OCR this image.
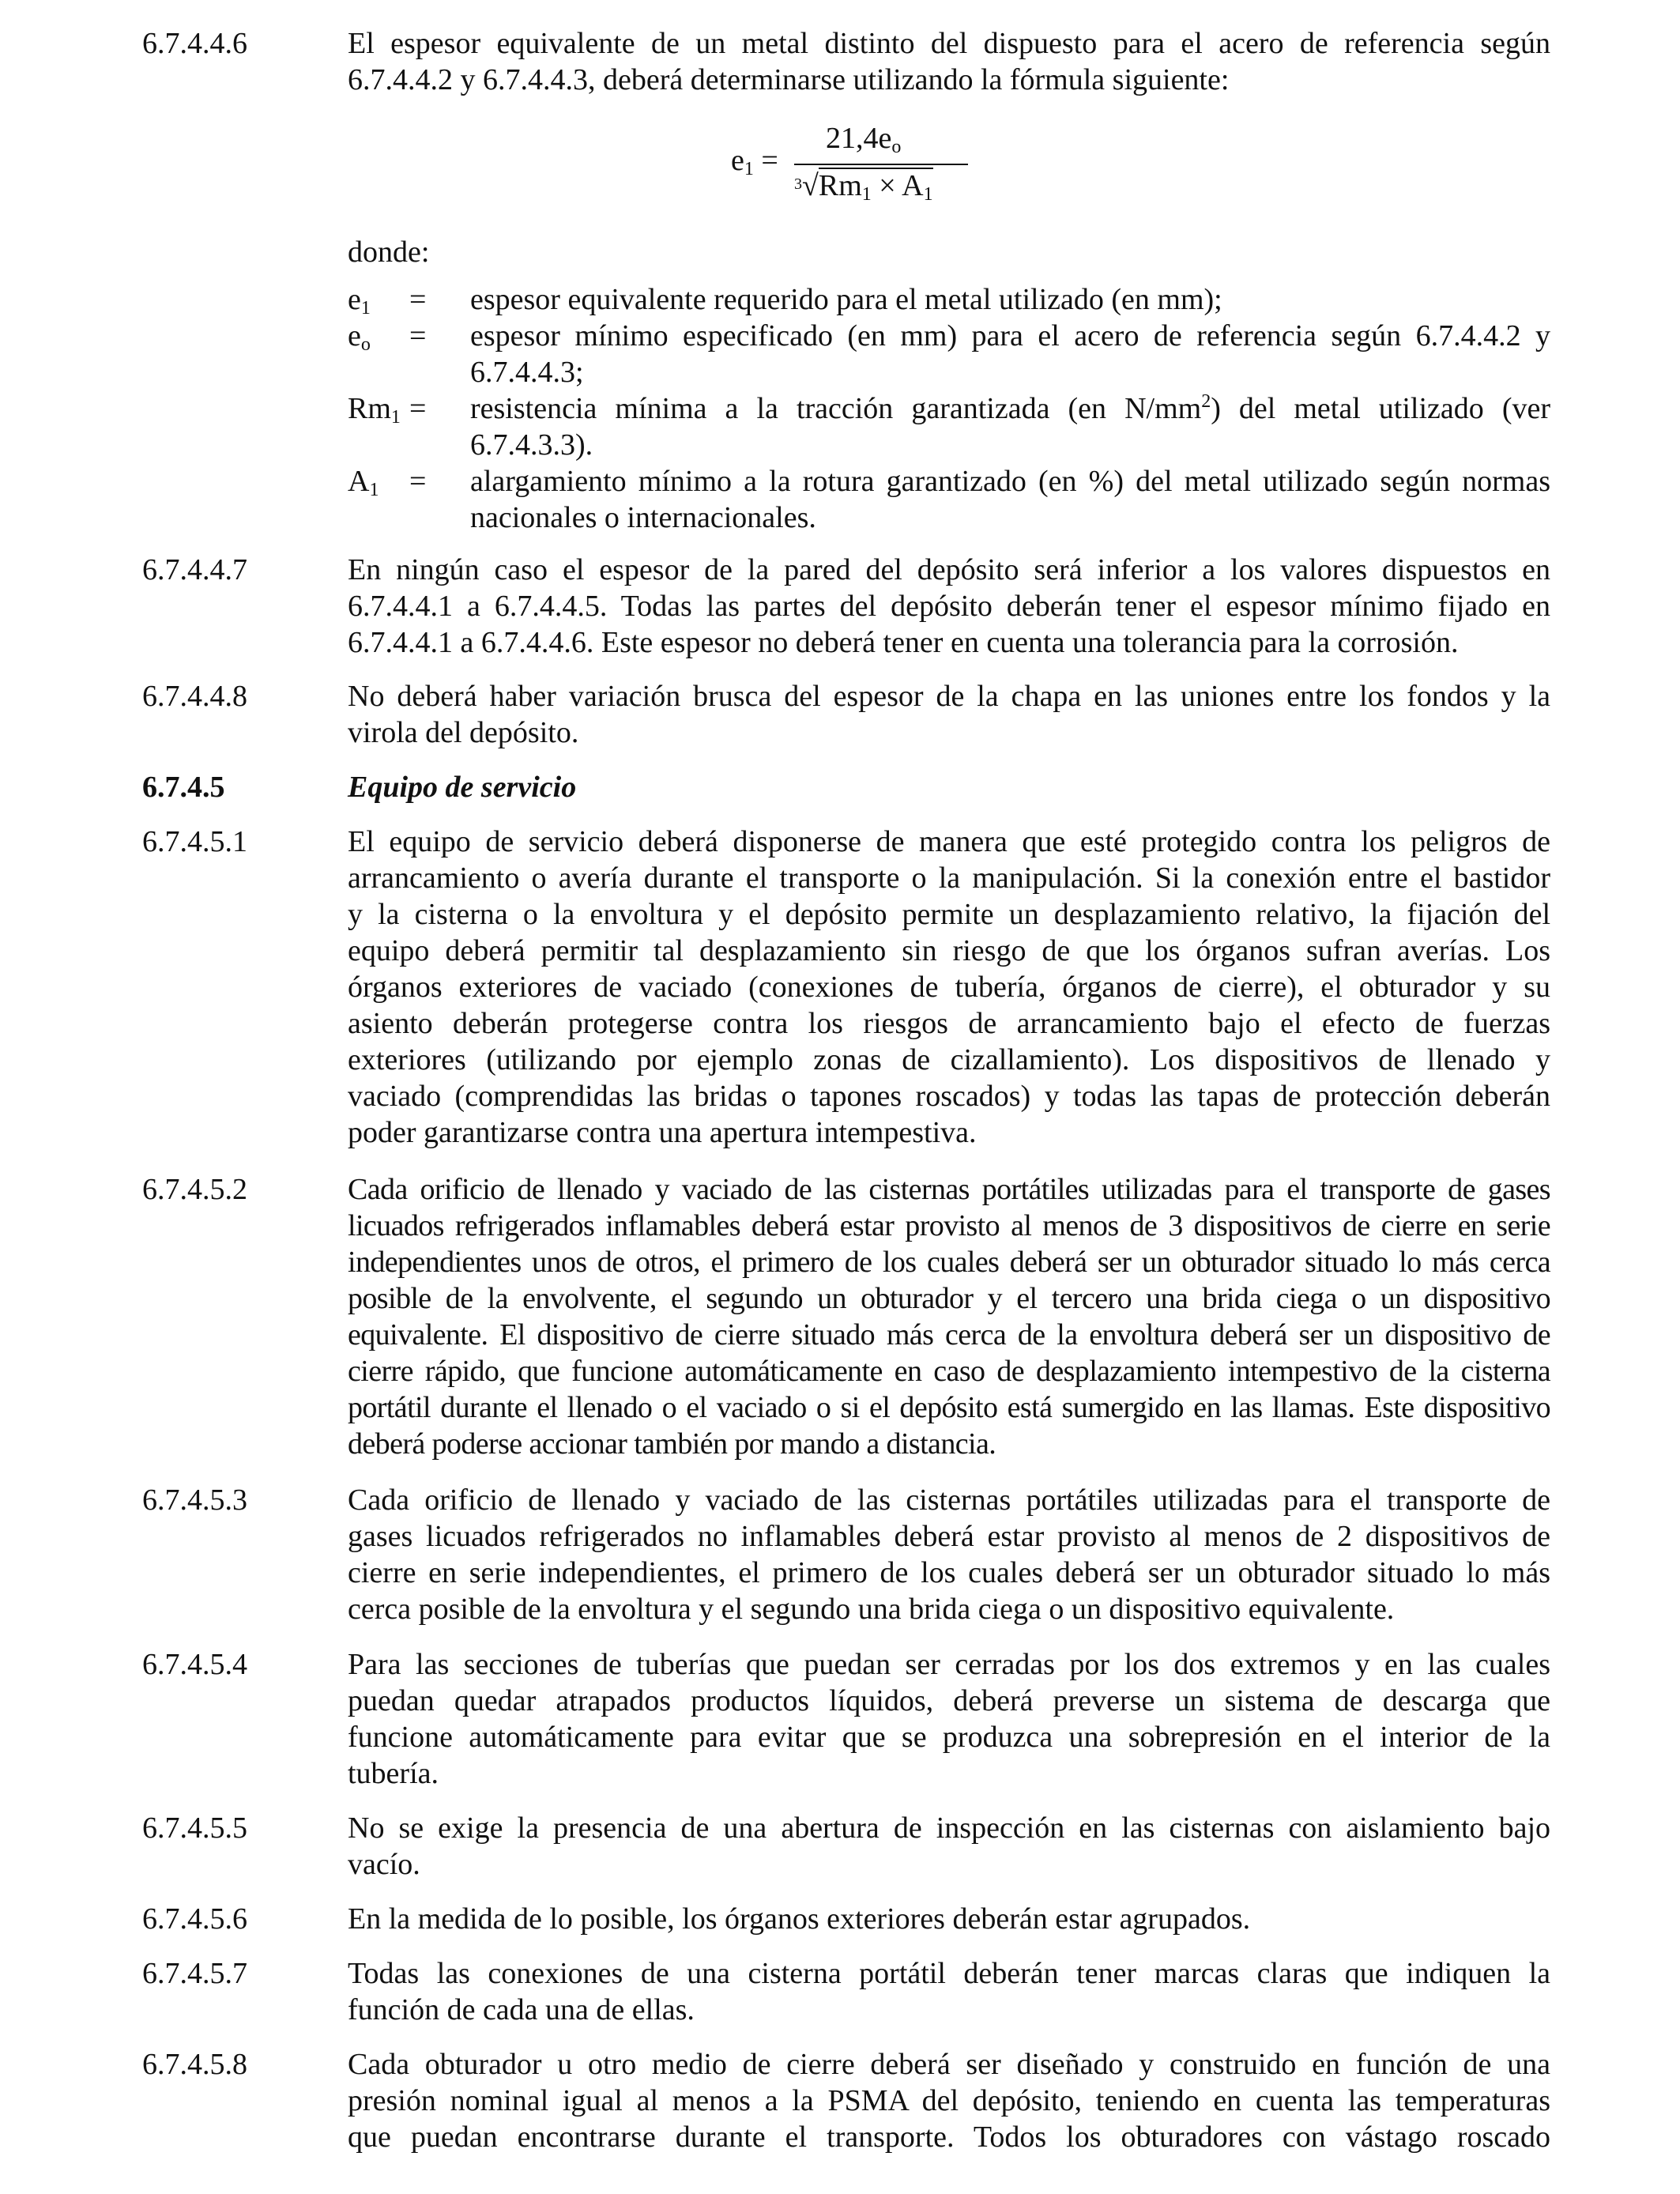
6.7.4.4.6	El espesor equivalente de un metal distinto del dispuesto para el acero de referencia según
6.7.4.4.2 y 6.7.4.4.3, deberá determinarse utilizando la fórmula siguiente:
$e_1$ =
$21,4e_o$
$^3√Rm_1 \times A_1$
donde:
$e_1$	=	espesor equivalente requerido para el metal utilizado (en mm);
$e_o$	=	espesor mínimo especificado (en mm) para el acero de referencia según 6.7.4.4.2 y
6.7.4.4.3;
$Rm_1$ =	resistencia mínima a la tracción garantizada (en $N/mm^2$) del metal utilizado (ver
6.7.4.3.3).
$A_1$	=	alargamiento mínimo a la rotura garantizado (en %) del metal utilizado según normas
nacionales o internacionales.
6.7.4.4.7	En ningún caso el espesor de la pared del depósito será inferior a los valores dispuestos en
6.7.4.4.1 a 6.7.4.4.5. Todas las partes del depósito deberán tener el espesor mínimo fijado en
6.7.4.4.1 a 6.7.4.4.6. Este espesor no deberá tener en cuenta una tolerancia para la corrosión.
6.7.4.4.8	No deberá haber variación brusca del espesor de la chapa en las uniones entre los fondos y la
virola del depósito.
6.7.4.5	Equipo de servicio
6.7.4.5.1	El equipo de servicio deberá disponerse de manera que esté protegido contra los peligros de
arrancamiento o avería durante el transporte o la manipulación. Si la conexión entre el bastidor
y la cisterna o la envoltura y el depósito permite un desplazamiento relativo, la fijación del
equipo deberá permitir tal desplazamiento sin riesgo de que los órganos sufran averías. Los
órganos exteriores de vaciado (conexiones de tubería, órganos de cierre), el obturador y su
asiento deberán protegerse contra los riesgos de arrancamiento bajo el efecto de fuerzas
exteriores (utilizando por ejemplo zonas de cizallamiento). Los dispositivos de llenado y
vaciado (comprendidas las bridas o tapones roscados) y todas las tapas de protección deberán
poder garantizarse contra una apertura intempestiva.
6.7.4.5.2	Cada orificio de llenado y vaciado de las cisternas portátiles utilizadas para el transporte de gases
licuados refrigerados inflamables deberá estar provisto al menos de 3 dispositivos de cierre en serie
independientes unos de otros, el primero de los cuales deberá ser un obturador situado lo más cerca
posible de la envolvente, el segundo un obturador y el tercero una brida ciega o un dispositivo
equivalente. El dispositivo de cierre situado más cerca de la envoltura deberá ser un dispositivo de
cierre rápido, que funcione automáticamente en caso de desplazamiento intempestivo de la cisterna
portátil durante el llenado o el vaciado o si el depósito está sumergido en las llamas. Este dispositivo
deberá poderse accionar también por mando a distancia.
6.7.4.5.3	Cada orificio de llenado y vaciado de las cisternas portátiles utilizadas para el transporte de
gases licuados refrigerados no inflamables deberá estar provisto al menos de 2 dispositivos de
cierre en serie independientes, el primero de los cuales deberá ser un obturador situado lo más
cerca posible de la envoltura y el segundo una brida ciega o un dispositivo equivalente.
6.7.4.5.4	Para las secciones de tuberías que puedan ser cerradas por los dos extremos y en las cuales
puedan quedar atrapados productos líquidos, deberá preverse un sistema de descarga que
funcione automáticamente para evitar que se produzca una sobrepresión en el interior de la
tubería.
6.7.4.5.5	No se exige la presencia de una abertura de inspección en las cisternas con aislamiento bajo
vacío.
6.7.4.5.6	En la medida de lo posible, los órganos exteriores deberán estar agrupados.
6.7.4.5.7	Todas las conexiones de una cisterna portátil deberán tener marcas claras que indiquen la
función de cada una de ellas.
6.7.4.5.8	Cada obturador u otro medio de cierre deberá ser diseñado y construido en función de una
presión nominal igual al menos a la PSMA del depósito, teniendo en cuenta las temperaturas
que puedan encontrarse durante el transporte. Todos los obturadores con vástago roscado
